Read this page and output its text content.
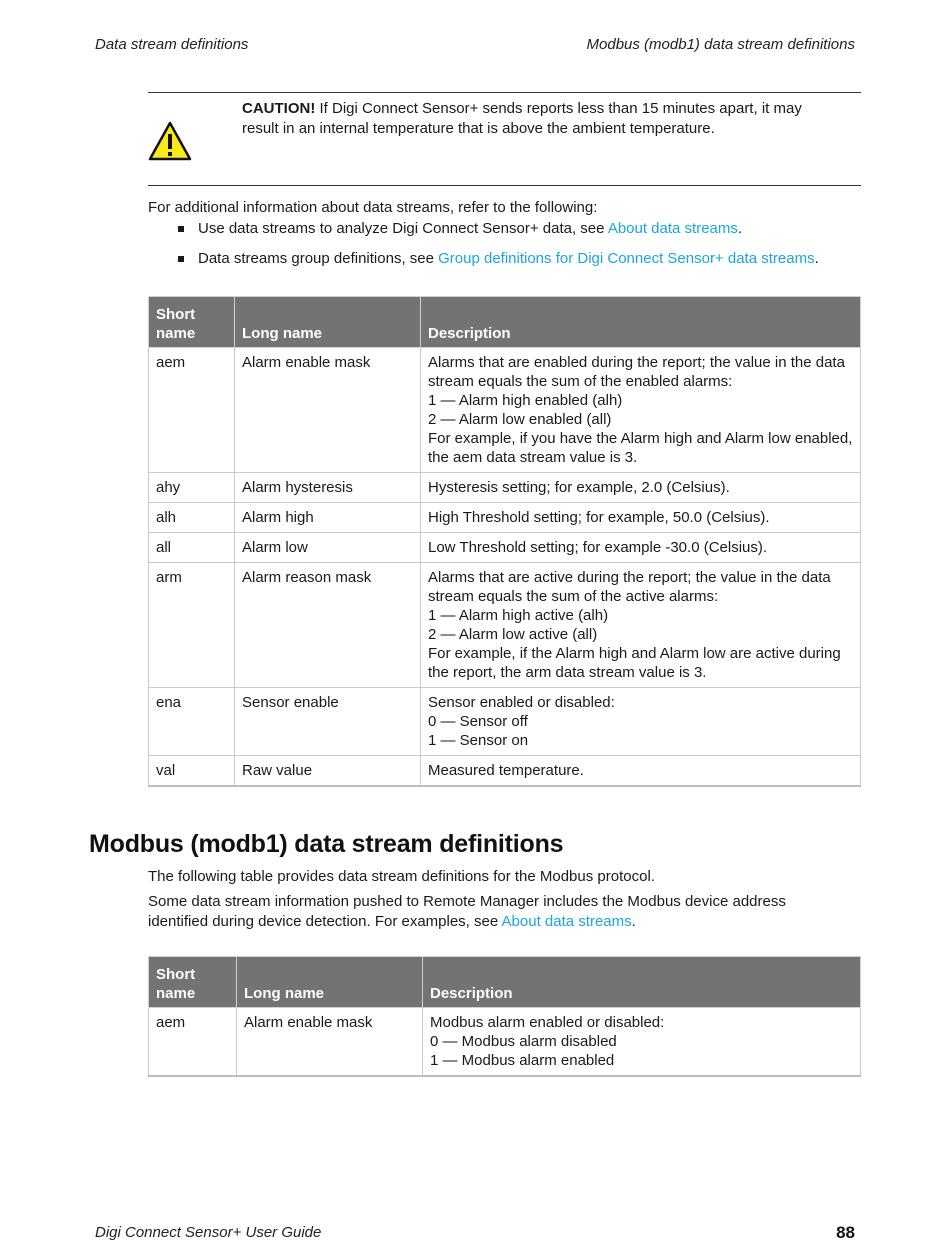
Data stream definitions	Modbus (modb1) data stream definitions
CAUTION! If Digi Connect Sensor+ sends reports less than 15 minutes apart, it may result in an internal temperature that is above the ambient temperature.
For additional information about data streams, refer to the following:
Use data streams to analyze Digi Connect Sensor+ data, see About data streams.
Data streams group definitions, see Group definitions for Digi Connect Sensor+ data streams.
Short name	Long name	Description
aem	Alarm enable mask	Alarms that are enabled during the report; the value in the data stream equals the sum of the enabled alarms:
1 — Alarm high enabled (alh)
2 — Alarm low enabled (all)
For example, if you have the Alarm high and Alarm low enabled, the aem data stream value is 3.

ahy	Alarm hysteresis	Hysteresis setting; for example, 2.0 (Celsius).

alh	Alarm high	High Threshold setting; for example, 50.0 (Celsius).

all	Alarm low	Low Threshold setting; for example -30.0 (Celsius).

arm	Alarm reason mask	Alarms that are active during the report; the value in the data stream equals the sum of the active alarms:
1 — Alarm high active (alh)
2 — Alarm low active (all)
For example, if the Alarm high and Alarm low are active during the report, the arm data stream value is 3.

ena	Sensor enable	Sensor enabled or disabled:
0 — Sensor off
1 — Sensor on

val	Raw value	Measured temperature.
Modbus (modb1) data stream definitions
The following table provides data stream definitions for the Modbus protocol.
Some data stream information pushed to Remote Manager includes the Modbus device address identified during device detection. For examples, see About data streams.
Short name	Long name	Description
aem	Alarm enable mask	Modbus alarm enabled or disabled:
0 — Modbus alarm disabled
1 — Modbus alarm enabled
Digi Connect Sensor+ User Guide	88
